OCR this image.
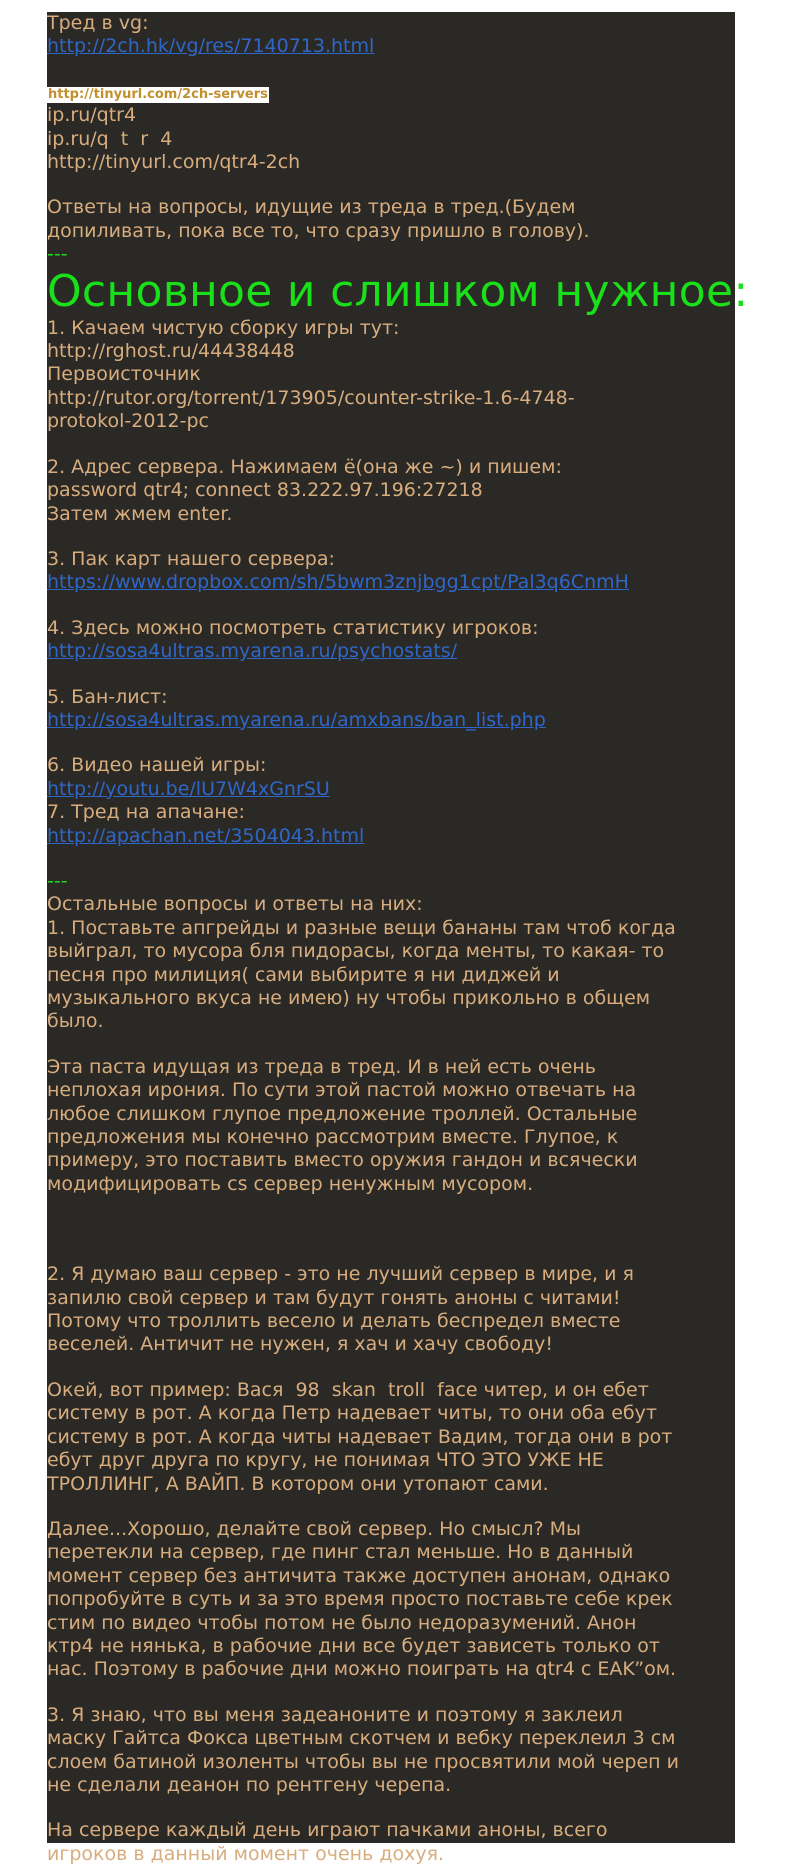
Тред в vg:
http://2ch.hk/vg/res/7140713.html
http://tinyurl.com/2ch-servers
ip.ru/qtr4
ip.ru/q  t  r  4
http://tinyurl.com/qtr4-2ch
Ответы на вопросы, идущие из треда в тред.(Будем
допиливать, пока все то, что сразу пришло в голову).
---
Основное и слишком нужное:
1. Качаем чистую сборку игры тут:
http://rghost.ru/44438448
Первоисточник
http://rutor.org/torrent/173905/counter-strike-1.6-4748-
protokol-2012-pc
2. Адрес сервера. Нажимаем ё(она же ~) и пишем:
password qtr4; connect 83.222.97.196:27218
Затем жмем enter.
3. Пак карт нашего сервера:
https://www.dropbox.com/sh/5bwm3znjbgg1cpt/Pal3q6CnmH
4. Здесь можно посмотреть статистику игроков:
http://sosa4ultras.myarena.ru/psychostats/
5. Бан-лист:
http://sosa4ultras.myarena.ru/amxbans/ban_list.php
6. Видео нашей игры:
http://youtu.be/lU7W4xGnrSU
7. Тред на апачане:
http://apachan.net/3504043.html
---
Остальные вопросы и ответы на них:
1. Поставьте апгрейды и разные вещи бананы там чтоб когда
выйграл, то мусора бля пидорасы, когда менты, то какая- то
песня про милиция( сами выбирите я ни диджей и
музыкального вкуса не имею) ну чтобы прикольно в общем
было.
Эта паста идущая из треда в тред. И в ней есть очень
неплохая ирония. По сути этой пастой можно отвечать на
любое слишком глупое предложение троллей. Остальные
предложения мы конечно рассмотрим вместе. Глупое, к
примеру, это поставить вместо оружия гандон и всячески
модифицировать cs сервер ненужным мусором.
2. Я думаю ваш сервер - это не лучший сервер в мире, и я
запилю свой сервер и там будут гонять аноны с читами!
Потому что троллить весело и делать беспредел вместе
веселей. Античит не нужен, я хач и хачу свободу!
Окей, вот пример: Вася  98  skan  troll  face читер, и он ебет
систему в рот. А когда Петр надевает читы, то они оба ебут
систему в рот. А когда читы надевает Вадим, тогда они в рот
ебут друг друга по кругу, не понимая ЧТО ЭТО УЖЕ НЕ
ТРОЛЛИНГ, А ВАЙП. В котором они утопают сами.
Далее...Хорошо, делайте свой сервер. Но смысл? Мы
перетекли на сервер, где пинг стал меньше. Но в данный
момент сервер без античита также доступен анонам, однако
попробуйте в суть и за это время просто поставьте себе крек
стим по видео чтобы потом не было недоразумений. Анон
ктр4 не нянька, в рабочие дни все будет зависеть только от
нас. Поэтому в рабочие дни можно поиграть на qtr4 с EAK”ом.
3. Я знаю, что вы меня задеаноните и поэтому я заклеил
маску Гайтса Фокса цветным скотчем и вебку переклеил 3 см
слоем батиной изоленты чтобы вы не просвятили мой череп и
не сделали деанон по рентгену черепа.
На сервере каждый день играют пачками аноны, всего
игроков в данный момент очень дохуя.
